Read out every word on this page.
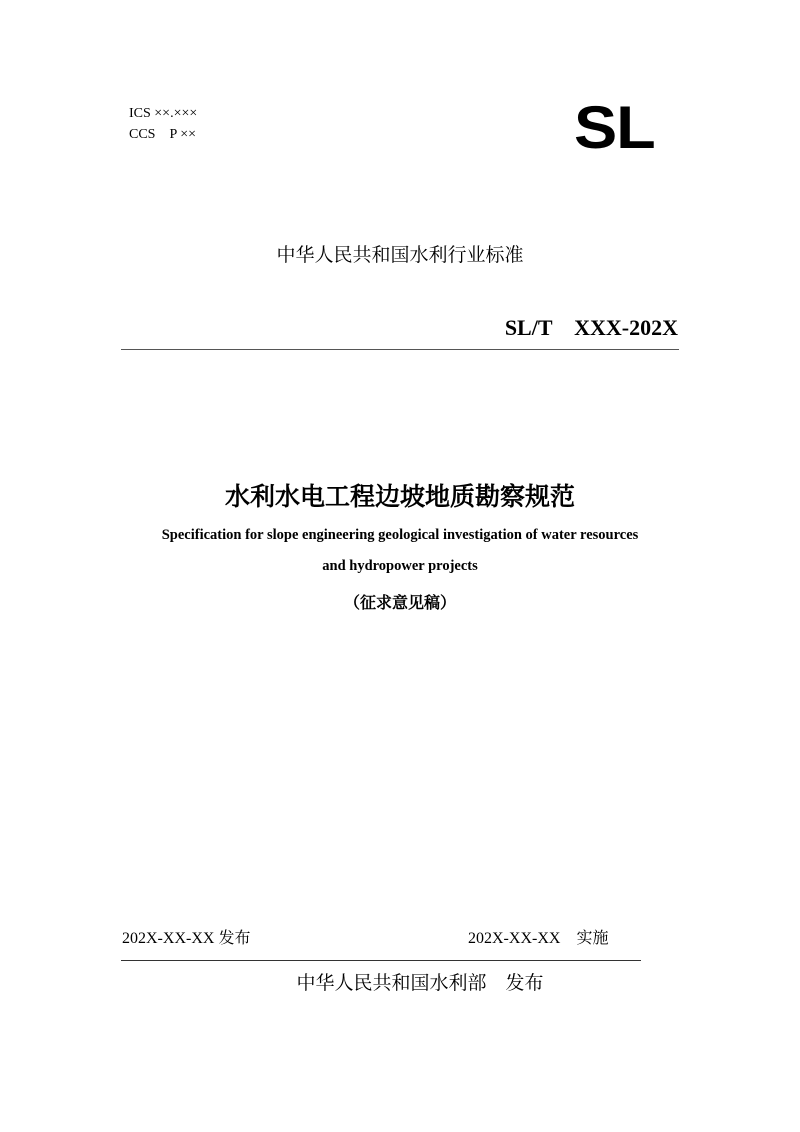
ICS ××.×××
CCS　P ××	SL
中华人民共和国水利行业标准
SL/T　XXX-202X
水利水电工程边坡地质勘察规范
Specification for slope engineering geological investigation of water resources
and hydropower projects
（征求意见稿）
202X-XX-XX 发布	202X-XX-XX　 实施
中华人民共和国水利部　发布
